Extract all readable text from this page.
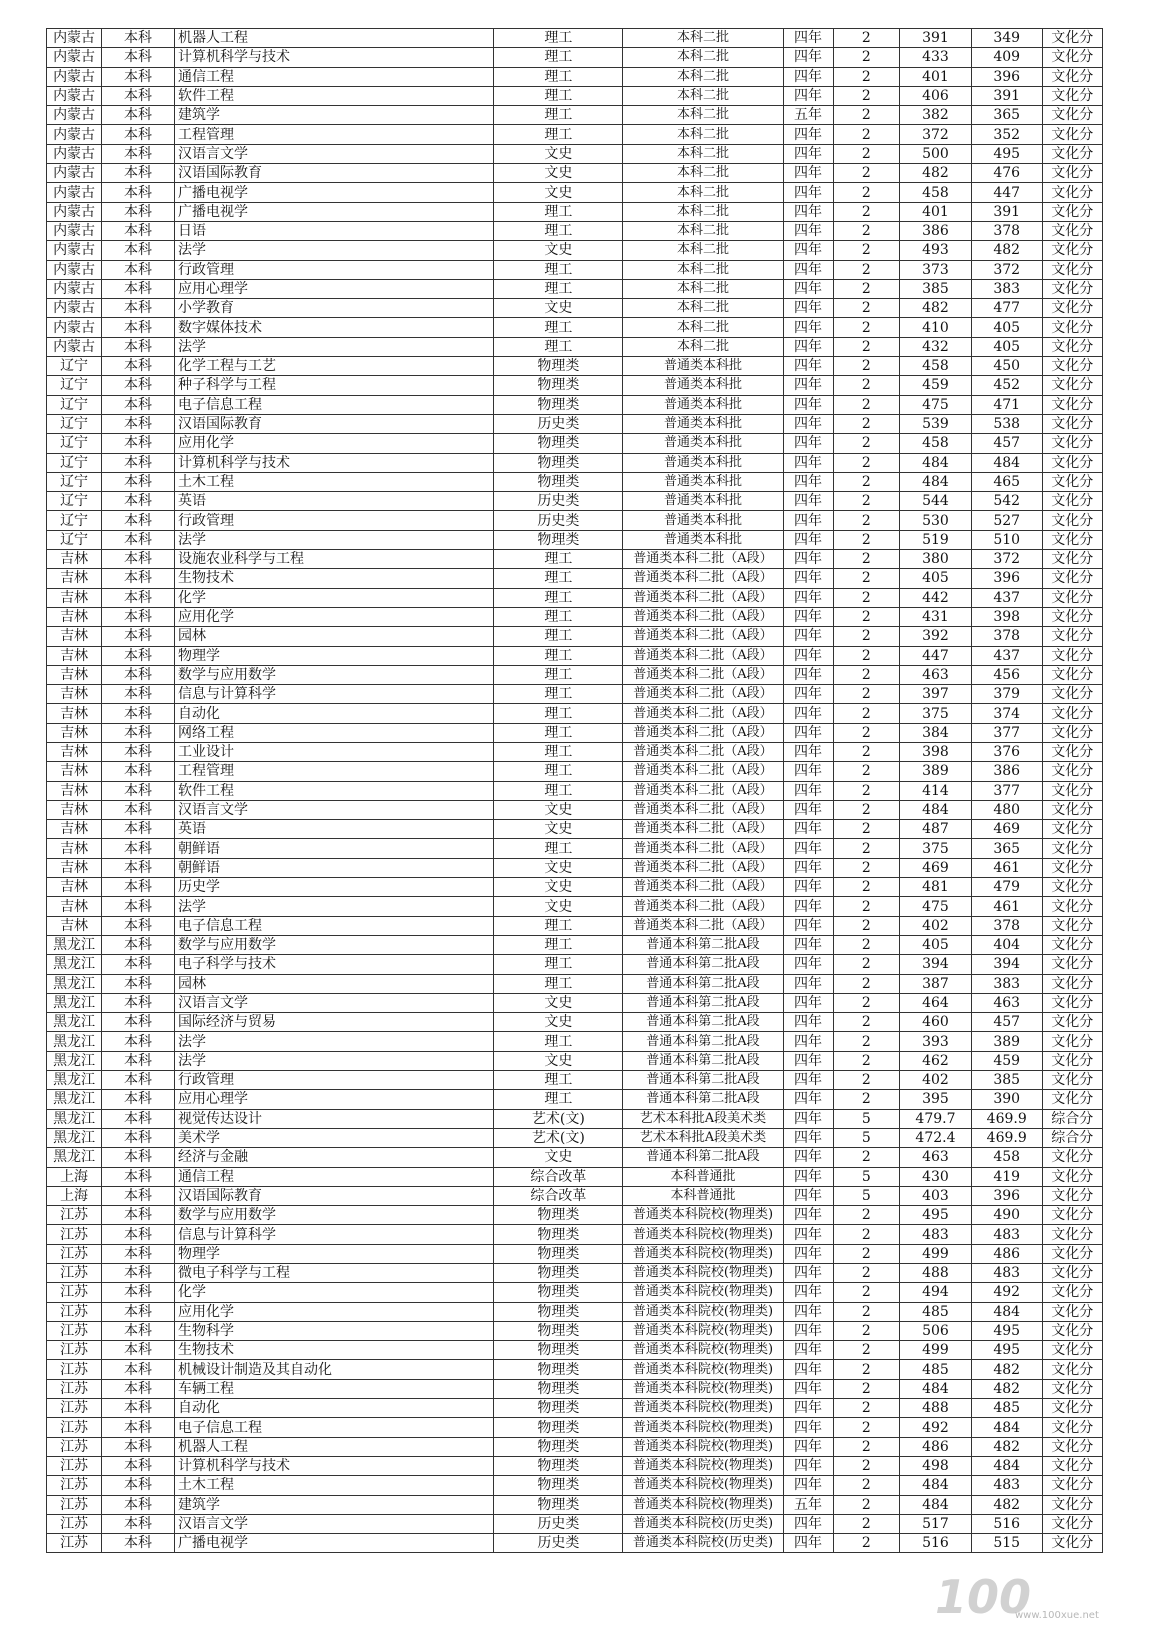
内蒙古	本科	机器人工程	理工	本科二批	四年	2	391	349	文化分
内蒙古	本科	计算机科学与技术	理工	本科二批	四年	2	433	409	文化分
内蒙古	本科	通信工程	理工	本科二批	四年	2	401	396	文化分
内蒙古	本科	软件工程	理工	本科二批	四年	2	406	391	文化分
内蒙古	本科	建筑学	理工	本科二批	五年	2	382	365	文化分
内蒙古	本科	工程管理	理工	本科二批	四年	2	372	352	文化分
内蒙古	本科	汉语言文学	文史	本科二批	四年	2	500	495	文化分
内蒙古	本科	汉语国际教育	文史	本科二批	四年	2	482	476	文化分
内蒙古	本科	广播电视学	文史	本科二批	四年	2	458	447	文化分
内蒙古	本科	广播电视学	理工	本科二批	四年	2	401	391	文化分
内蒙古	本科	日语	理工	本科二批	四年	2	386	378	文化分
内蒙古	本科	法学	文史	本科二批	四年	2	493	482	文化分
内蒙古	本科	行政管理	理工	本科二批	四年	2	373	372	文化分
内蒙古	本科	应用心理学	理工	本科二批	四年	2	385	383	文化分
内蒙古	本科	小学教育	文史	本科二批	四年	2	482	477	文化分
内蒙古	本科	数字媒体技术	理工	本科二批	四年	2	410	405	文化分
内蒙古	本科	法学	理工	本科二批	四年	2	432	405	文化分
辽宁	本科	化学工程与工艺	物理类	普通类本科批	四年	2	458	450	文化分
辽宁	本科	种子科学与工程	物理类	普通类本科批	四年	2	459	452	文化分
辽宁	本科	电子信息工程	物理类	普通类本科批	四年	2	475	471	文化分
辽宁	本科	汉语国际教育	历史类	普通类本科批	四年	2	539	538	文化分
辽宁	本科	应用化学	物理类	普通类本科批	四年	2	458	457	文化分
辽宁	本科	计算机科学与技术	物理类	普通类本科批	四年	2	484	484	文化分
辽宁	本科	土木工程	物理类	普通类本科批	四年	2	484	465	文化分
辽宁	本科	英语	历史类	普通类本科批	四年	2	544	542	文化分
辽宁	本科	行政管理	历史类	普通类本科批	四年	2	530	527	文化分
辽宁	本科	法学	物理类	普通类本科批	四年	2	519	510	文化分
吉林	本科	设施农业科学与工程	理工	普通类本科二批（A段）	四年	2	380	372	文化分
吉林	本科	生物技术	理工	普通类本科二批（A段）	四年	2	405	396	文化分
吉林	本科	化学	理工	普通类本科二批（A段）	四年	2	442	437	文化分
吉林	本科	应用化学	理工	普通类本科二批（A段）	四年	2	431	398	文化分
吉林	本科	园林	理工	普通类本科二批（A段）	四年	2	392	378	文化分
吉林	本科	物理学	理工	普通类本科二批（A段）	四年	2	447	437	文化分
吉林	本科	数学与应用数学	理工	普通类本科二批（A段）	四年	2	463	456	文化分
吉林	本科	信息与计算科学	理工	普通类本科二批（A段）	四年	2	397	379	文化分
吉林	本科	自动化	理工	普通类本科二批（A段）	四年	2	375	374	文化分
吉林	本科	网络工程	理工	普通类本科二批（A段）	四年	2	384	377	文化分
吉林	本科	工业设计	理工	普通类本科二批（A段）	四年	2	398	376	文化分
吉林	本科	工程管理	理工	普通类本科二批（A段）	四年	2	389	386	文化分
吉林	本科	软件工程	理工	普通类本科二批（A段）	四年	2	414	377	文化分
吉林	本科	汉语言文学	文史	普通类本科二批（A段）	四年	2	484	480	文化分
吉林	本科	英语	文史	普通类本科二批（A段）	四年	2	487	469	文化分
吉林	本科	朝鲜语	理工	普通类本科二批（A段）	四年	2	375	365	文化分
吉林	本科	朝鲜语	文史	普通类本科二批（A段）	四年	2	469	461	文化分
吉林	本科	历史学	文史	普通类本科二批（A段）	四年	2	481	479	文化分
吉林	本科	法学	文史	普通类本科二批（A段）	四年	2	475	461	文化分
吉林	本科	电子信息工程	理工	普通类本科二批（A段）	四年	2	402	378	文化分
黑龙江	本科	数学与应用数学	理工	普通本科第二批A段	四年	2	405	404	文化分
黑龙江	本科	电子科学与技术	理工	普通本科第二批A段	四年	2	394	394	文化分
黑龙江	本科	园林	理工	普通本科第二批A段	四年	2	387	383	文化分
黑龙江	本科	汉语言文学	文史	普通本科第二批A段	四年	2	464	463	文化分
黑龙江	本科	国际经济与贸易	文史	普通本科第二批A段	四年	2	460	457	文化分
黑龙江	本科	法学	理工	普通本科第二批A段	四年	2	393	389	文化分
黑龙江	本科	法学	文史	普通本科第二批A段	四年	2	462	459	文化分
黑龙江	本科	行政管理	理工	普通本科第二批A段	四年	2	402	385	文化分
黑龙江	本科	应用心理学	理工	普通本科第二批A段	四年	2	395	390	文化分
黑龙江	本科	视觉传达设计	艺术(文)	艺术本科批A段美术类	四年	5	479.7	469.9	综合分
黑龙江	本科	美术学	艺术(文)	艺术本科批A段美术类	四年	5	472.4	469.9	综合分
黑龙江	本科	经济与金融	文史	普通本科第二批A段	四年	2	463	458	文化分
上海	本科	通信工程	综合改革	本科普通批	四年	5	430	419	文化分
上海	本科	汉语国际教育	综合改革	本科普通批	四年	5	403	396	文化分
江苏	本科	数学与应用数学	物理类	普通类本科院校(物理类)	四年	2	495	490	文化分
江苏	本科	信息与计算科学	物理类	普通类本科院校(物理类)	四年	2	483	483	文化分
江苏	本科	物理学	物理类	普通类本科院校(物理类)	四年	2	499	486	文化分
江苏	本科	微电子科学与工程	物理类	普通类本科院校(物理类)	四年	2	488	483	文化分
江苏	本科	化学	物理类	普通类本科院校(物理类)	四年	2	494	492	文化分
江苏	本科	应用化学	物理类	普通类本科院校(物理类)	四年	2	485	484	文化分
江苏	本科	生物科学	物理类	普通类本科院校(物理类)	四年	2	506	495	文化分
江苏	本科	生物技术	物理类	普通类本科院校(物理类)	四年	2	499	495	文化分
江苏	本科	机械设计制造及其自动化	物理类	普通类本科院校(物理类)	四年	2	485	482	文化分
江苏	本科	车辆工程	物理类	普通类本科院校(物理类)	四年	2	484	482	文化分
江苏	本科	自动化	物理类	普通类本科院校(物理类)	四年	2	488	485	文化分
江苏	本科	电子信息工程	物理类	普通类本科院校(物理类)	四年	2	492	484	文化分
江苏	本科	机器人工程	物理类	普通类本科院校(物理类)	四年	2	486	482	文化分
江苏	本科	计算机科学与技术	物理类	普通类本科院校(物理类)	四年	2	498	484	文化分
江苏	本科	土木工程	物理类	普通类本科院校(物理类)	四年	2	484	483	文化分
江苏	本科	建筑学	物理类	普通类本科院校(物理类)	五年	2	484	482	文化分
江苏	本科	汉语言文学	历史类	普通类本科院校(历史类)	四年	2	517	516	文化分
江苏	本科	广播电视学	历史类	普通类本科院校(历史类)	四年	2	516	515	文化分
100
www.100xue.net
